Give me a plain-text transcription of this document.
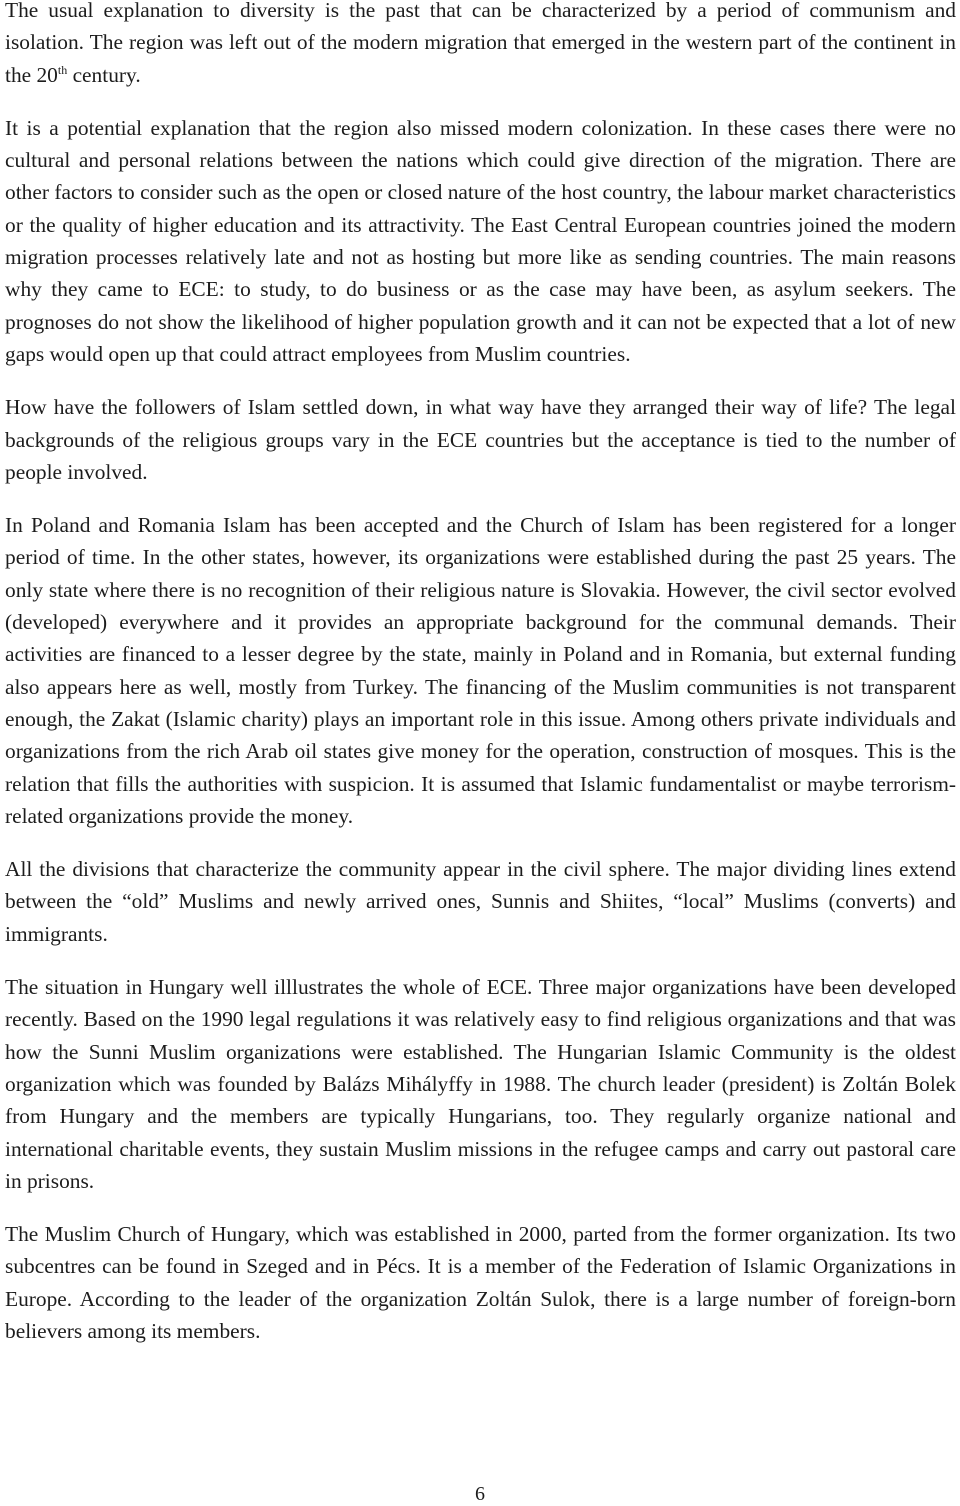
The usual explanation to diversity is the past that can be characterized by a period of communism and isolation. The region was left out of the modern migration that emerged in the western part of the continent in the 20th century.

It is a potential explanation that the region also missed modern colonization. In these cases there were no cultural and personal relations between the nations which could give direction of the migration. There are other factors to consider such as the open or closed nature of the host country, the labour market characteristics or the quality of higher education and its attractivity. The East Central European countries joined the modern migration processes relatively late and not as hosting but more like as sending countries. The main reasons why they came to ECE: to study, to do business or as the case may have been, as asylum seekers. The prognoses do not show the likelihood of higher population growth and it can not be expected that a lot of new gaps would open up that could attract employees from Muslim countries.

How have the followers of Islam settled down, in what way have they arranged their way of life? The legal backgrounds of the religious groups vary in the ECE countries but the acceptance is tied to the number of people involved.

In Poland and Romania Islam has been accepted and the Church of Islam has been registered for a longer period of time. In the other states, however, its organizations were established during the past 25 years. The only state where there is no recognition of their religious nature is Slovakia. However, the civil sector evolved (developed) everywhere and it provides an appropriate background for the communal demands. Their activities are financed to a lesser degree by the state, mainly in Poland and in Romania, but external funding also appears here as well, mostly from Turkey. The financing of the Muslim communities is not transparent enough, the Zakat (Islamic charity) plays an important role in this issue. Among others private individuals and organizations from the rich Arab oil states give money for the operation, construction of mosques. This is the relation that fills the authorities with suspicion. It is assumed that Islamic fundamentalist or maybe terrorism-related organizations provide the money.

All the divisions that characterize the community appear in the civil sphere. The major dividing lines extend between the “old” Muslims and newly arrived ones, Sunnis and Shiites, “local” Muslims (converts) and immigrants.

The situation in Hungary well illlustrates the whole of ECE. Three major organizations have been developed recently. Based on the 1990 legal regulations it was relatively easy to find religious organizations and that was how the Sunni Muslim organizations were established. The Hungarian Islamic Community is the oldest organization which was founded by Balázs Mihályffy in 1988. The church leader (president) is Zoltán Bolek from Hungary and the members are typically Hungarians, too. They regularly organize national and international charitable events, they sustain Muslim missions in the refugee camps and carry out pastoral care in prisons.

The Muslim Church of Hungary, which was established in 2000, parted from the former organization. Its two subcentres can be found in Szeged and in Pécs. It is a member of the Federation of Islamic Organizations in Europe. According to the leader of the organization Zoltán Sulok, there is a large number of foreign-born believers among its members.

6
